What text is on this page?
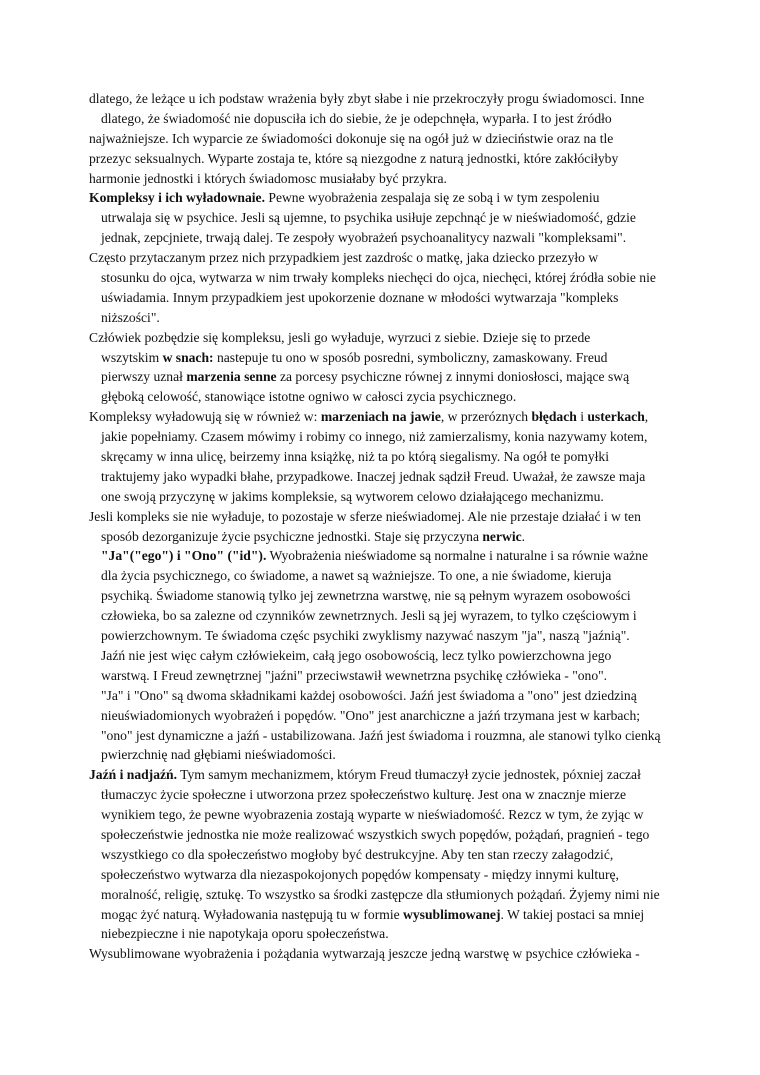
dlatego, że leżące u ich podstaw wrażenia były zbyt słabe i nie przekroczyły progu świadomosci. Inne
dlatego, że świadomość nie dopusciła ich do siebie, że je odepchnęła, wyparła. I to jest źródło
najważniejsze. Ich wyparcie ze świadomości dokonuje się na ogół już w dzieciństwie oraz na tle
przezyc seksualnych. Wyparte zostaja te, które są niezgodne z naturą jednostki, które zakłóciłyby
harmonie jednostki i których świadomosc musiałaby być przykra.
Kompleksy i ich wyładownaie. Pewne wyobrażenia zespalaja się ze sobą i w tym zespoleniu
utrwalaja się w psychice. Jesli są ujemne, to psychika usiłuje zepchnąć je w nieświadomość, gdzie
jednak, zepcjniete, trwają dalej. Te zespoły wyobrażeń psychoanalitycy nazwali "kompleksami".
Często przytaczanym przez nich przypadkiem jest zazdrośc o matkę, jaka dziecko przezyło w
stosunku do ojca, wytwarza w nim trwały kompleks niechęci do ojca, niechęci, której źródła sobie nie
uświadamia. Innym przypadkiem jest upokorzenie doznane w młodości wytwarzaja "kompleks
niższości".
Człówiek pozbędzie się kompleksu, jesli go wyładuje, wyrzuci z siebie. Dzieje się to przede
wszytskim w snach: nastepuje tu ono w sposób posredni, symboliczny, zamaskowany. Freud
pierwszy uznał marzenia senne za porcesy psychiczne równej z innymi doniosłosci, mające swą
głęboką celowość, stanowiące istotne ogniwo w całosci zycia psychicznego.
Kompleksy wyładowują się w również w: marzeniach na jawie, w przeróznych błędach i usterkach,
jakie popełniamy. Czasem mówimy i robimy co innego, niż zamierzalismy, konia nazywamy kotem,
skręcamy w inna ulicę, beirzemy inna książkę, niż ta po którą siegalismy. Na ogół te pomyłki
traktujemy jako wypadki błahe, przypadkowe. Inaczej jednak sądził Freud. Uważał, że zawsze maja
one swoją przyczynę w jakims kompleksie, są wytworem celowo działającego mechanizmu.
Jesli kompleks sie nie wyładuje, to pozostaje w sferze nieświadomej. Ale nie przestaje działać i w ten
sposób dezorganizuje życie psychiczne jednostki. Staje się przyczyna nerwic.
"Ja"("ego") i "Ono" ("id"). Wyobrażenia nieświadome są normalne i naturalne i sa równie ważne
dla życia psychicznego, co świadome, a nawet są ważniejsze. To one, a nie świadome, kieruja
psychiką. Świadome stanowią tylko jej zewnetrzna warstwę, nie są pełnym wyrazem osobowości
człowieka, bo sa zalezne od czynników zewnetrznych. Jesli są jej wyrazem, to tylko częściowym i
powierzchownym. Te świadoma częśc psychiki zwyklismy nazywać naszym "ja", naszą "jaźnią".
Jaźń nie jest więc całym człówiekeim, całą jego osobowością, lecz tylko powierzchowna jego
warstwą. I Freud zewnętrznej "jaźni" przeciwstawił wewnetrzna psychikę człówieka - "ono".
"Ja" i "Ono" są dwoma składnikami każdej osobowości. Jaźń jest świadoma a "ono" jest dziedziną
nieuświadomionych wyobrażeń i popędów. "Ono" jest anarchiczne a jaźń trzymana jest w karbach;
"ono" jest dynamiczne a jaźń - ustabilizowana. Jaźń jest świadoma i rouzmna, ale stanowi tylko cienką
pwierzchnię nad głębiami nieświadomości.
Jaźń i nadjaźń. Tym samym mechanizmem, którym Freud tłumaczył zycie jednostek, póxniej zaczał
tłumaczyc życie społeczne i utworzona przez społeczeństwo kulturę. Jest ona w znacznje mierze
wynikiem tego, że pewne wyobrazenia zostają wyparte w nieświadomość. Rezcz w tym, że zyjąc w
społeczeństwie jednostka nie może realizować wszystkich swych popędów, pożądań, pragnień - tego
wszystkiego co dla społeczeństwo mogłoby być destrukcyjne. Aby ten stan rzeczy załagodzić,
społeczeństwo wytwarza dla niezaspokojonych popędów kompensaty - między innymi kulturę,
moralność, religię, sztukę. To wszystko sa środki zastępcze dla stłumionych pożądań. Żyjemy nimi nie
mogąc żyć naturą. Wyładowania następują tu w formie wysublimowanej. W takiej postaci sa mniej
niebezpieczne i nie napotykaja oporu społeczeństwa.
Wysublimowane wyobrażenia i pożądania wytwarzają jeszcze jedną warstwę w psychice człówieka -
